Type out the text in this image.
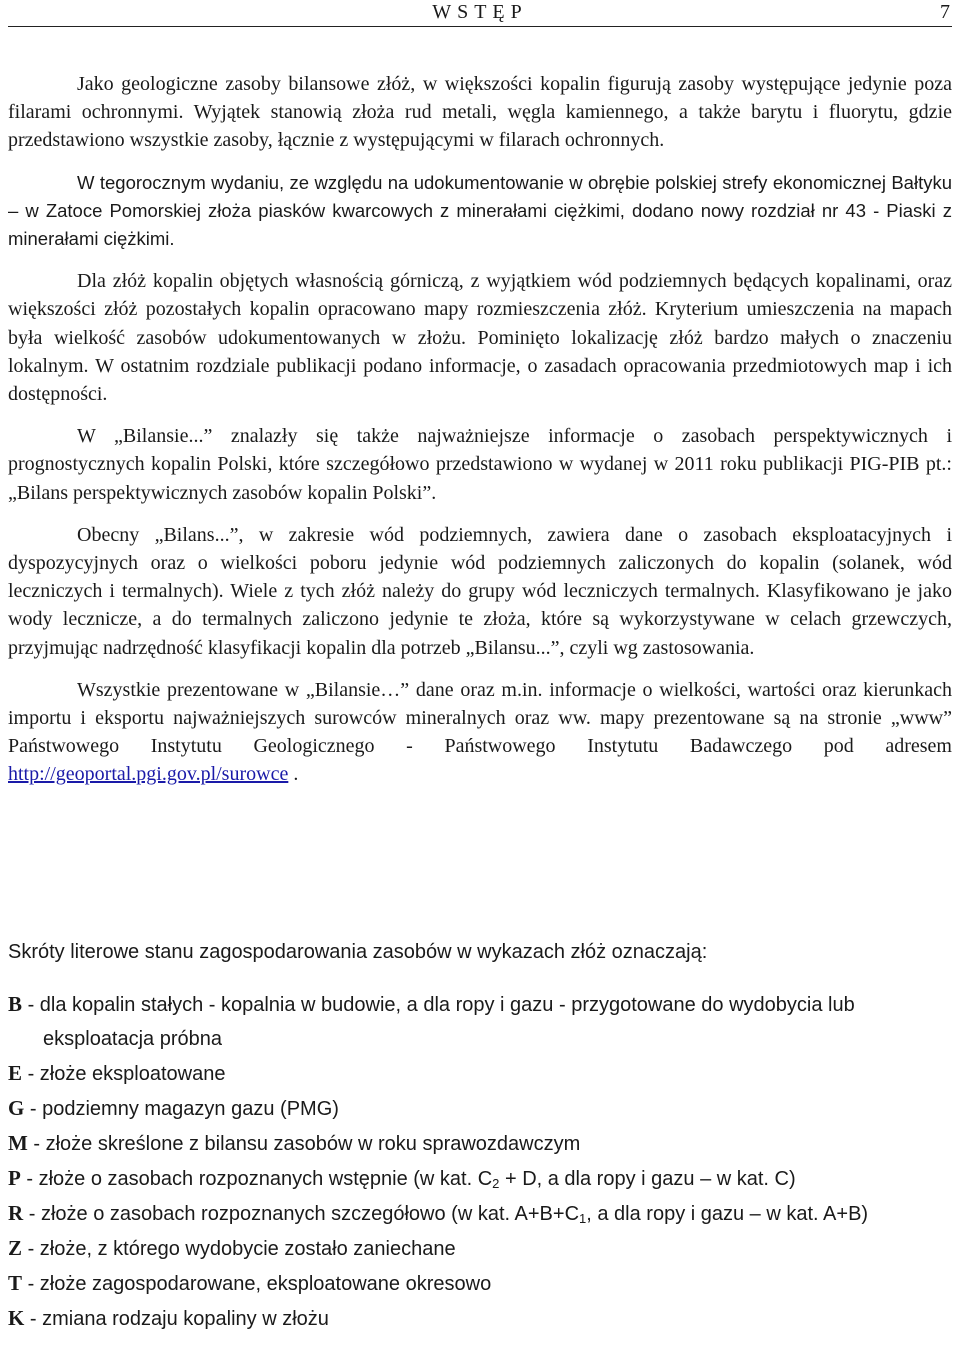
WSTĘP	7

Jako geologiczne zasoby bilansowe złóż, w większości kopalin figurują zasoby występujące jedynie poza filarami ochronnymi. Wyjątek stanowią złoża rud metali, węgla kamiennego, a także barytu i fluorytu, gdzie przedstawiono wszystkie zasoby, łącznie z występującymi w filarach ochronnych.

W tegorocznym wydaniu, ze względu na udokumentowanie w obrębie polskiej strefy ekonomicznej Bałtyku – w Zatoce Pomorskiej złoża piasków kwarcowych z minerałami ciężkimi, dodano nowy rozdział nr 43 - Piaski z minerałami ciężkimi.

Dla złóż kopalin objętych własnością górniczą, z wyjątkiem wód podziemnych będących kopalinami, oraz większości złóż pozostałych kopalin opracowano mapy rozmieszczenia złóż. Kryterium umieszczenia na mapach była wielkość zasobów udokumentowanych w złożu. Pominięto lokalizację złóż bardzo małych o znaczeniu lokalnym. W ostatnim rozdziale publikacji podano informacje, o zasadach opracowania przedmiotowych map i ich dostępności.

W „Bilansie...” znalazły się także najważniejsze informacje o zasobach perspektywicznych i prognostycznych kopalin Polski, które szczegółowo przedstawiono w wydanej w 2011 roku publikacji PIG-PIB pt.: „Bilans perspektywicznych zasobów kopalin Polski”.

Obecny „Bilans...”, w zakresie wód podziemnych, zawiera dane o zasobach eksploatacyjnych i dyspozycyjnych oraz o wielkości poboru jedynie wód podziemnych zaliczonych do kopalin (solanek, wód leczniczych i termalnych). Wiele z tych złóż należy do grupy wód leczniczych termalnych. Klasyfikowano je jako wody lecznicze, a do termalnych zaliczono jedynie te złoża, które są wykorzystywane w celach grzewczych, przyjmując nadrzędność klasyfikacji kopalin dla potrzeb „Bilansu...”, czyli wg zastosowania.

Wszystkie prezentowane w „Bilansie…” dane oraz m.in. informacje o wielkości, wartości oraz kierunkach importu i eksportu najważniejszych surowców mineralnych oraz ww. mapy prezentowane są na stronie „www” Państwowego Instytutu Geologicznego - Państwowego Instytutu Badawczego pod adresem http://geoportal.pgi.gov.pl/surowce .

Skróty literowe stanu zagospodarowania zasobów w wykazach złóż oznaczają:
B - dla kopalin stałych - kopalnia w budowie, a dla ropy i gazu - przygotowane do wydobycia lub eksploatacja próbna
E - złoże eksploatowane
G - podziemny magazyn gazu (PMG)
M - złoże skreślone z bilansu zasobów w roku sprawozdawczym
P - złoże o zasobach rozpoznanych wstępnie (w kat. $C_2 + D$, a dla ropy i gazu – w kat. C)
R - złoże o zasobach rozpoznanych szczegółowo (w kat. $A+B+C_1$, a dla ropy i gazu – w kat. A+B)
Z - złoże, z którego wydobycie zostało zaniechane
T - złoże zagospodarowane, eksploatowane okresowo
K - zmiana rodzaju kopaliny w złożu
